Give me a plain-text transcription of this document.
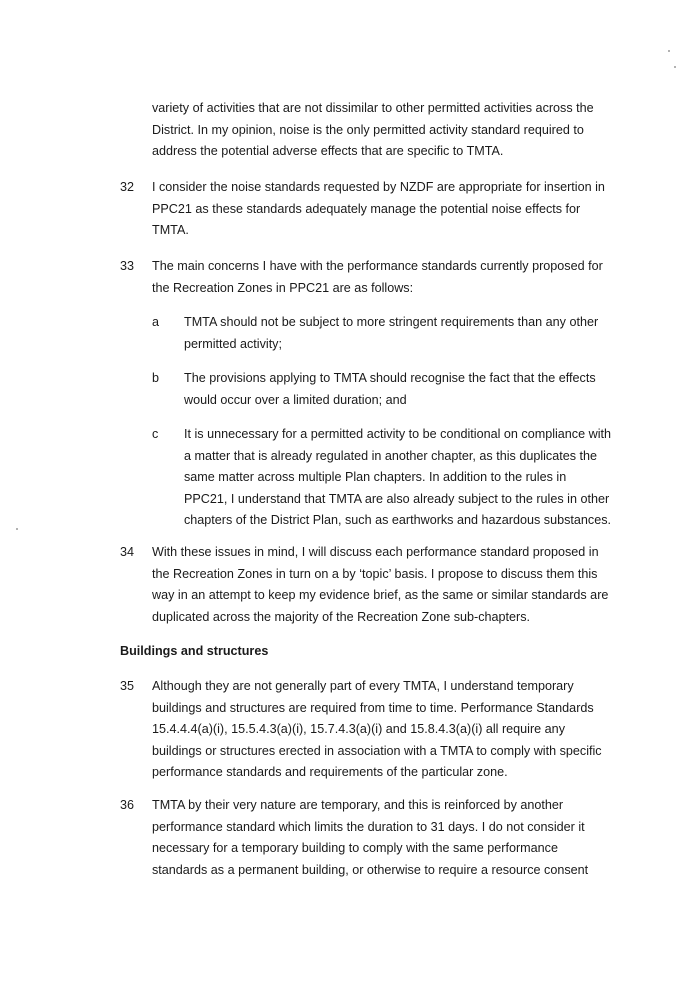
variety of activities that are not dissimilar to other permitted activities across the
District. In my opinion, noise is the only permitted activity standard required to
address the potential adverse effects that are specific to TMTA.
32 I consider the noise standards requested by NZDF are appropriate for insertion in
PPC21 as these standards adequately manage the potential noise effects for
TMTA.
33 The main concerns I have with the performance standards currently proposed for
the Recreation Zones in PPC21 are as follows:
a TMTA should not be subject to more stringent requirements than any other
permitted activity;
b The provisions applying to TMTA should recognise the fact that the effects
would occur over a limited duration; and
c It is unnecessary for a permitted activity to be conditional on compliance with
a matter that is already regulated in another chapter, as this duplicates the
same matter across multiple Plan chapters. In addition to the rules in
PPC21, I understand that TMTA are also already subject to the rules in other
chapters of the District Plan, such as earthworks and hazardous substances.
34 With these issues in mind, I will discuss each performance standard proposed in
the Recreation Zones in turn on a by ‘topic’ basis. I propose to discuss them this
way in an attempt to keep my evidence brief, as the same or similar standards are
duplicated across the majority of the Recreation Zone sub-chapters.
Buildings and structures
35 Although they are not generally part of every TMTA, I understand temporary
buildings and structures are required from time to time. Performance Standards
15.4.4.4(a)(i), 15.5.4.3(a)(i), 15.7.4.3(a)(i) and 15.8.4.3(a)(i) all require any
buildings or structures erected in association with a TMTA to comply with specific
performance standards and requirements of the particular zone.
36 TMTA by their very nature are temporary, and this is reinforced by another
performance standard which limits the duration to 31 days. I do not consider it
necessary for a temporary building to comply with the same performance
standards as a permanent building, or otherwise to require a resource consent
